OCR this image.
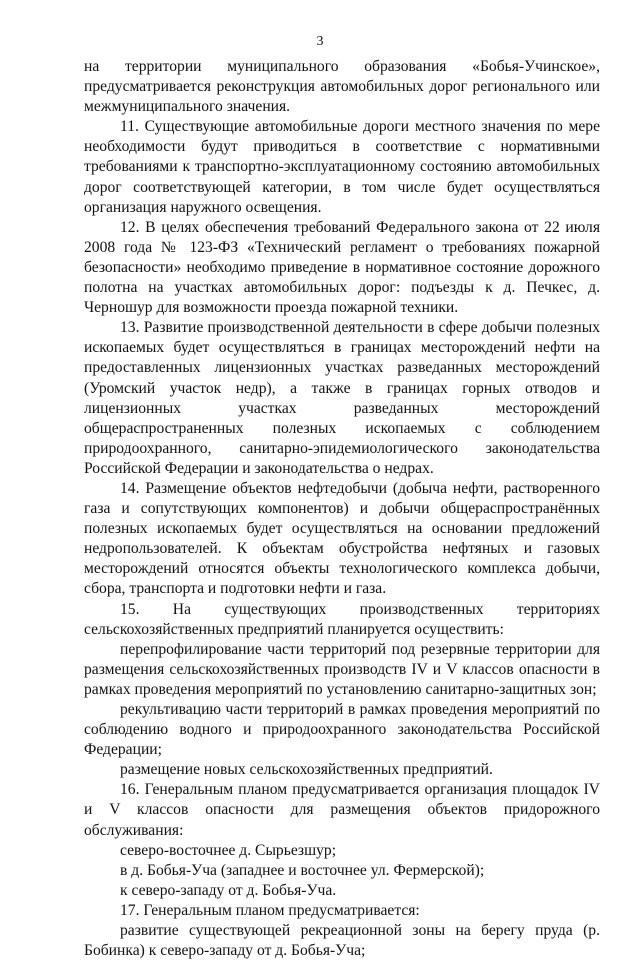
3

на территории муниципального образования «Бобья-Учинское», предусматривается реконструкция автомобильных дорог регионального или межмуниципального значения.

11. Существующие автомобильные дороги местного значения по мере необходимости будут приводиться в соответствие с нормативными требованиями к транспортно-эксплуатационному состоянию автомобильных дорог соответствующей категории, в том числе будет осуществляться организация наружного освещения.

12. В целях обеспечения требований Федерального закона от 22 июля 2008 года № 123-ФЗ «Технический регламент о требованиях пожарной безопасности» необходимо приведение в нормативное состояние дорожного полотна на участках автомобильных дорог: подъезды к д. Печкес, д. Черношур для возможности проезда пожарной техники.

13. Развитие производственной деятельности в сфере добычи полезных ископаемых будет осуществляться в границах месторождений нефти на предоставленных лицензионных участках разведанных месторождений (Уромский участок недр), а также в границах горных отводов и лицензионных участках разведанных месторождений общераспространенных полезных ископаемых с соблюдением природоохранного, санитарно-эпидемиологического законодательства Российской Федерации и законодательства о недрах.

14. Размещение объектов нефтедобычи (добыча нефти, растворенного газа и сопутствующих компонентов) и добычи общераспространённых полезных ископаемых будет осуществляться на основании предложений недропользователей. К объектам обустройства нефтяных и газовых месторождений относятся объекты технологического комплекса добычи, сбора, транспорта и подготовки нефти и газа.

15. На существующих производственных территориях сельскохозяйственных предприятий планируется осуществить:

перепрофилирование части территорий под резервные территории для размещения сельскохозяйственных производств IV и V классов опасности в рамках проведения мероприятий по установлению санитарно-защитных зон;

рекультивацию части территорий в рамках проведения мероприятий по соблюдению водного и природоохранного законодательства Российской Федерации;

размещение новых сельскохозяйственных предприятий.

16. Генеральным планом предусматривается организация площадок IV и V классов опасности для размещения объектов придорожного обслуживания:

северо-восточнее д. Сырьезшур;

в д. Бобья-Уча (западнее и восточнее ул. Фермерской);

к северо-западу от д. Бобья-Уча.

17. Генеральным планом предусматривается:

развитие существующей рекреационной зоны на берегу пруда (р. Бобинка) к северо-западу от д. Бобья-Уча;
